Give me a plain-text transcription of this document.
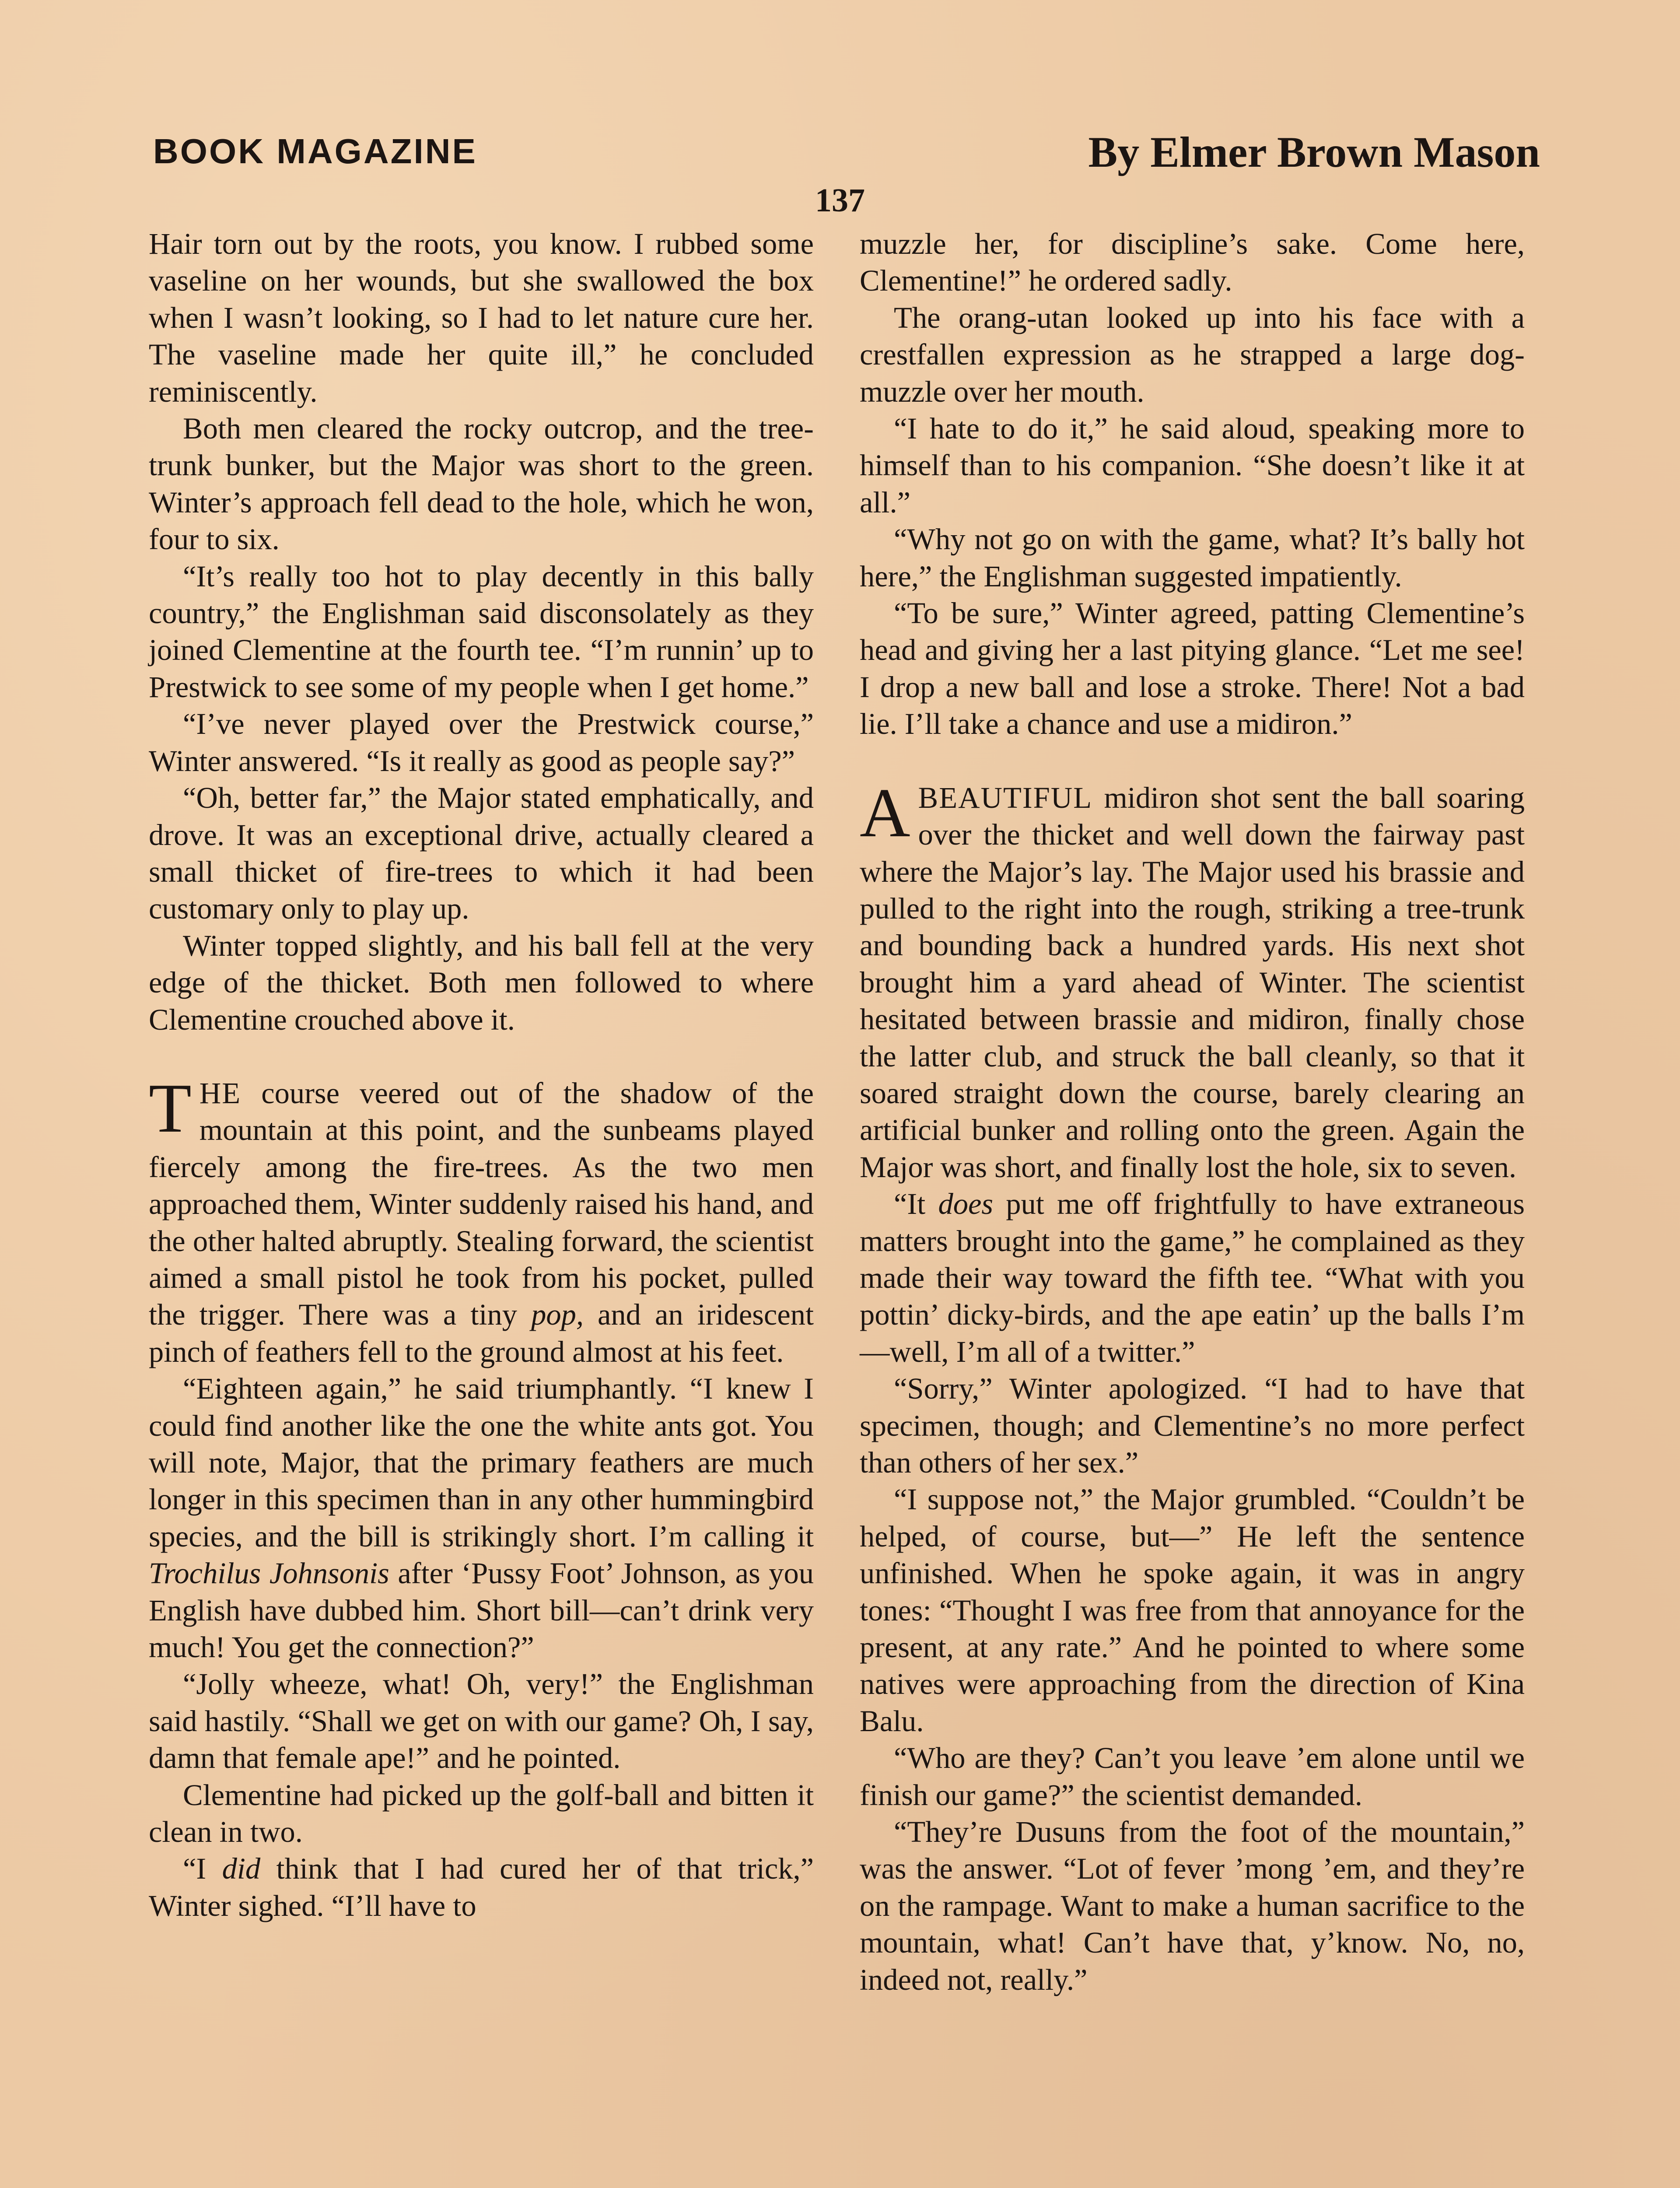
BOOK MAGAZINE	By Elmer Brown Mason
137

Hair torn out by the roots, you know. I rubbed some vaseline on her wounds, but she swallowed the box when I wasn’t looking, so I had to let nature cure her. The vaseline made her quite ill,” he concluded reminiscently.

Both men cleared the rocky outcrop, and the tree-trunk bunker, but the Major was short to the green. Winter’s approach fell dead to the hole, which he won, four to six.

“It’s really too hot to play decently in this bally country,” the Englishman said disconsolately as they joined Clementine at the fourth tee. “I’m runnin’ up to Prestwick to see some of my people when I get home.”

“I’ve never played over the Prestwick course,” Winter answered. “Is it really as good as people say?”

“Oh, better far,” the Major stated emphatically, and drove. It was an exceptional drive, actually cleared a small thicket of fire-trees to which it had been customary only to play up.

Winter topped slightly, and his ball fell at the very edge of the thicket. Both men followed to where Clementine crouched above it.

THE course veered out of the shadow of the mountain at this point, and the sunbeams played fiercely among the fire-trees. As the two men approached them, Winter suddenly raised his hand, and the other halted abruptly. Stealing forward, the scientist aimed a small pistol he took from his pocket, pulled the trigger. There was a tiny pop, and an iridescent pinch of feathers fell to the ground almost at his feet.

“Eighteen again,” he said triumphantly. “I knew I could find another like the one the white ants got. You will note, Major, that the primary feathers are much longer in this specimen than in any other hummingbird species, and the bill is strikingly short. I’m calling it Trochilus Johnsonis after ‘Pussy Foot’ Johnson, as you English have dubbed him. Short bill—can’t drink very much! You get the connection?”

“Jolly wheeze, what! Oh, very!” the Englishman said hastily. “Shall we get on with our game? Oh, I say, damn that female ape!” and he pointed.

Clementine had picked up the golf-ball and bitten it clean in two.

“I did think that I had cured her of that trick,” Winter sighed. “I’ll have to

muzzle her, for discipline’s sake. Come here, Clementine!” he ordered sadly.

The orang-utan looked up into his face with a crestfallen expression as he strapped a large dog-muzzle over her mouth.

“I hate to do it,” he said aloud, speaking more to himself than to his companion. “She doesn’t like it at all.”

“Why not go on with the game, what? It’s bally hot here,” the Englishman suggested impatiently.

“To be sure,” Winter agreed, patting Clementine’s head and giving her a last pitying glance. “Let me see! I drop a new ball and lose a stroke. There! Not a bad lie. I’ll take a chance and use a midiron.”

ABEAUTIFUL midiron shot sent the ball soaring over the thicket and well down the fairway past where the Major’s lay. The Major used his brassie and pulled to the right into the rough, striking a tree-trunk and bounding back a hundred yards. His next shot brought him a yard ahead of Winter. The scientist hesitated between brassie and midiron, finally chose the latter club, and struck the ball cleanly, so that it soared straight down the course, barely clearing an artificial bunker and rolling onto the green. Again the Major was short, and finally lost the hole, six to seven.

“It does put me off frightfully to have extraneous matters brought into the game,” he complained as they made their way toward the fifth tee. “What with you pottin’ dicky-birds, and the ape eatin’ up the balls I’m—well, I’m all of a twitter.”

“Sorry,” Winter apologized. “I had to have that specimen, though; and Clementine’s no more perfect than others of her sex.”

“I suppose not,” the Major grumbled. “Couldn’t be helped, of course, but—” He left the sentence unfinished. When he spoke again, it was in angry tones: “Thought I was free from that annoyance for the present, at any rate.” And he pointed to where some natives were approaching from the direction of Kina Balu.

“Who are they? Can’t you leave ’em alone until we finish our game?” the scientist demanded.

“They’re Dusuns from the foot of the mountain,” was the answer. “Lot of fever ’mong ’em, and they’re on the rampage. Want to make a human sacrifice to the mountain, what! Can’t have that, y’know. No, no, indeed not, really.”
